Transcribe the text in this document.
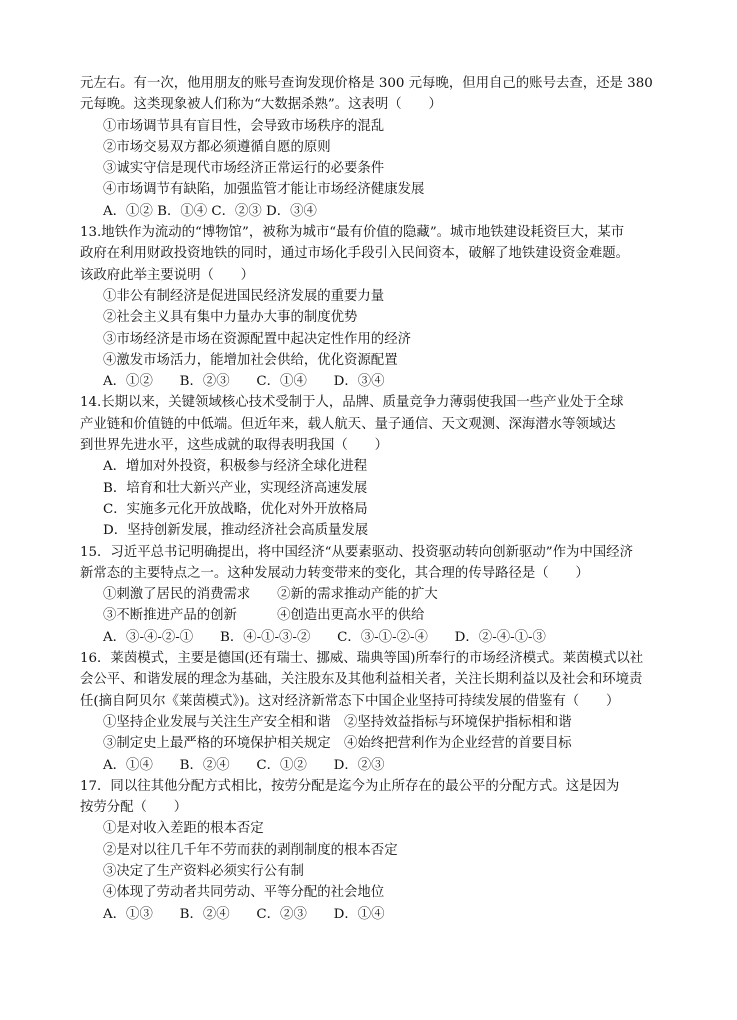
元左右。有一次，他用朋友的账号查询发现价格是 300 元每晚，但用自己的账号去查，还是 380
元每晚。这类现象被人们称为“大数据杀熟”。这表明（　　）
①市场调节具有盲目性，会导致市场秩序的混乱
②市场交易双方都必须遵循自愿的原则
③诚实守信是现代市场经济正常运行的必要条件
④市场调节有缺陷，加强监管才能让市场经济健康发展
A．①② B．①④ C．②③ D．③④
13.地铁作为流动的“博物馆”，被称为城市“最有价值的隐藏”。城市地铁建设耗资巨大，某市
政府在利用财政投资地铁的同时，通过市场化手段引入民间资本，破解了地铁建设资金难题。
该政府此举主要说明（　　）
①非公有制经济是促进国民经济发展的重要力量
②社会主义具有集中力量办大事的制度优势
③市场经济是市场在资源配置中起决定性作用的经济
④激发市场活力，能增加社会供给，优化资源配置
A．①②　　B．②③　　C．①④　　D．③④
14.长期以来，关键领域核心技术受制于人，品牌、质量竞争力薄弱使我国一些产业处于全球
产业链和价值链的中低端。但近年来，载人航天、量子通信、天文观测、深海潜水等领域达
到世界先进水平，这些成就的取得表明我国（　　）
A．增加对外投资，积极参与经济全球化进程
B．培育和壮大新兴产业，实现经济高速发展
C．实施多元化开放战略，优化对外开放格局
D．坚持创新发展，推动经济社会高质量发展
15．习近平总书记明确提出，将中国经济“从要素驱动、投资驱动转向创新驱动”作为中国经济
新常态的主要特点之一。这种发展动力转变带来的变化，其合理的传导路径是（　　）
①刺激了居民的消费需求　　②新的需求推动产能的扩大
③不断推进产品的创新　　　④创造出更高水平的供给
A．③-④-②-①　　B．④-①-③-②　　C．③-①-②-④　　D．②-④-①-③
16．莱茵模式，主要是德国(还有瑞士、挪威、瑞典等国)所奉行的市场经济模式。莱茵模式以社
会公平、和谐发展的理念为基础，关注股东及其他利益相关者，关注长期利益以及社会和环境责
任(摘自阿贝尔《莱茵模式》)。这对经济新常态下中国企业坚持可持续发展的借鉴有（　　）
①坚持企业发展与关注生产安全相和谐　②坚持效益指标与环境保护指标相和谐
③制定史上最严格的环境保护相关规定　④始终把营利作为企业经营的首要目标
A．①④　　B．②④　　C．①②　　D．②③
17．同以往其他分配方式相比，按劳分配是迄今为止所存在的最公平的分配方式。这是因为
按劳分配（　　）
①是对收入差距的根本否定
②是对以往几千年不劳而获的剥削制度的根本否定
③决定了生产资料必须实行公有制
④体现了劳动者共同劳动、平等分配的社会地位
A．①③　　B．②④　　C．②③　　D．①④
